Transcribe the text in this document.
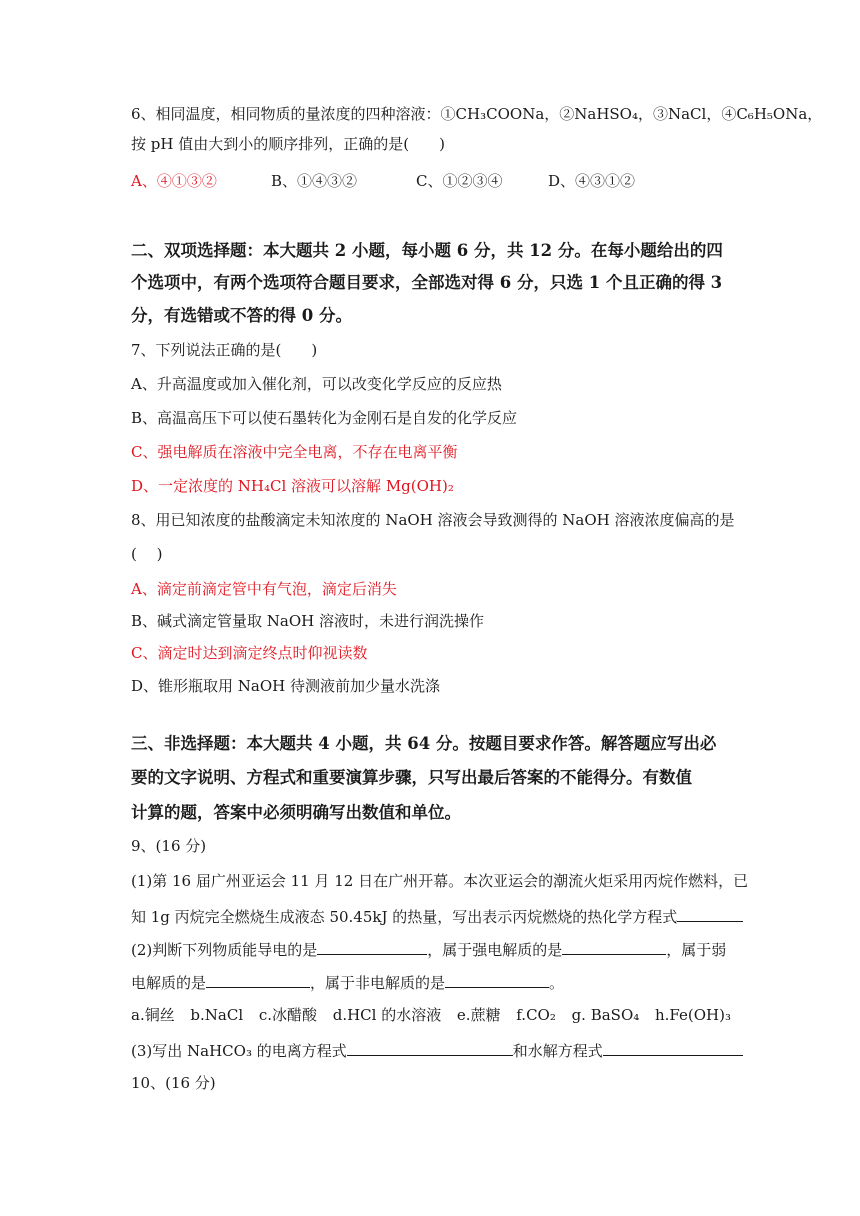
6、相同温度，相同物质的量浓度的四种溶液：①CH₃COONa，②NaHSO₄，③NaCl，④C₆H₅ONa，
按 pH 值由大到小的顺序排列，正确的是(　　)
A、④①③②	B、①④③②	C、①②③④	D、④③①②
二、双项选择题：本大题共 2 小题，每小题 6 分，共 12 分。在每小题给出的四
个选项中，有两个选项符合题目要求，全部选对得 6 分，只选 1 个且正确的得 3
分，有选错或不答的得 0 分。
7、下列说法正确的是(　　)
A、升高温度或加入催化剂，可以改变化学反应的反应热
B、高温高压下可以使石墨转化为金刚石是自发的化学反应
C、强电解质在溶液中完全电离，不存在电离平衡
D、一定浓度的 NH₄Cl 溶液可以溶解 Mg(OH)₂
8、用已知浓度的盐酸滴定未知浓度的 NaOH 溶液会导致测得的 NaOH 溶液浓度偏高的是
(　 )
A、滴定前滴定管中有气泡，滴定后消失
B、碱式滴定管量取 NaOH 溶液时，未进行润洗操作
C、滴定时达到滴定终点时仰视读数
D、锥形瓶取用 NaOH 待测液前加少量水洗涤
三、非选择题：本大题共 4 小题，共 64 分。按题目要求作答。解答题应写出必
要的文字说明、方程式和重要演算步骤，只写出最后答案的不能得分。有数值
计算的题，答案中必须明确写出数值和单位。
9、(16 分)
(1)第 16 届广州亚运会 11 月 12 日在广州开幕。本次亚运会的潮流火炬采用丙烷作燃料，已
知 1g 丙烷完全燃烧生成液态 50.45kJ 的热量，写出表示丙烷燃烧的热化学方程式
(2)判断下列物质能导电的是	，属于强电解质的是	，属于弱
电解质的是	，属于非电解质的是	。
a.铜丝 b.NaCl c.冰醋酸 d.HCl 的水溶液 e.蔗糖 f.CO₂ g. BaSO₄ h.Fe(OH)₃
(3)写出 NaHCO₃ 的电离方程式	和水解方程式
10、(16 分)
